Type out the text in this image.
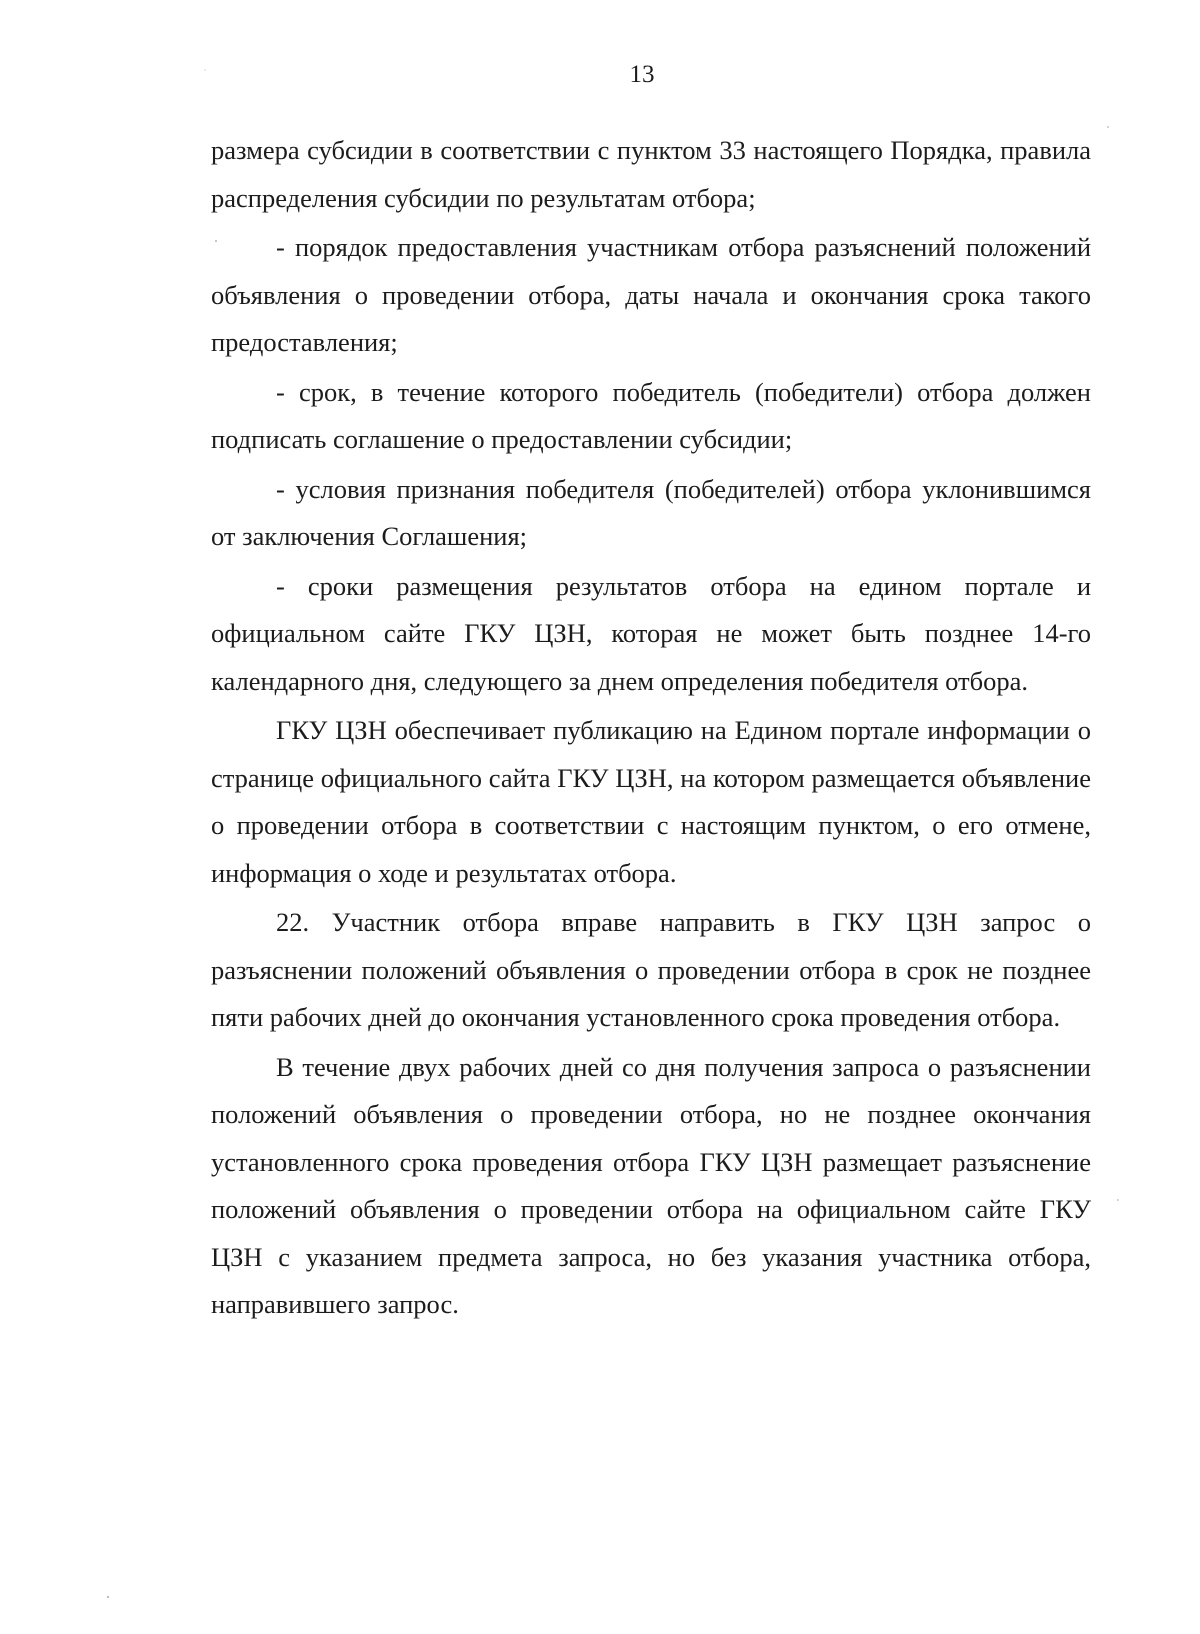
13

размера субсидии в соответствии с пунктом 33 настоящего Порядка, правила распределения субсидии по результатам отбора;

- порядок предоставления участникам отбора разъяснений положений объявления о проведении отбора, даты начала и окончания срока такого предоставления;

- срок, в течение которого победитель (победители) отбора должен подписать соглашение о предоставлении субсидии;

- условия признания победителя (победителей) отбора уклонившимся от заключения Соглашения;

- сроки размещения результатов отбора на едином портале и официальном сайте ГКУ ЦЗН, которая не может быть позднее 14-го календарного дня, следующего за днем определения победителя отбора.

ГКУ ЦЗН обеспечивает публикацию на Едином портале информации о странице официального сайта ГКУ ЦЗН, на котором размещается объявление о проведении отбора в соответствии с настоящим пунктом, о его отмене, информация о ходе и результатах отбора.

22. Участник отбора вправе направить в ГКУ ЦЗН запрос о разъяснении положений объявления о проведении отбора в срок не позднее пяти рабочих дней до окончания установленного срока проведения отбора.

В течение двух рабочих дней со дня получения запроса о разъяснении положений объявления о проведении отбора, но не позднее окончания установленного срока проведения отбора ГКУ ЦЗН размещает разъяснение положений объявления о проведении отбора на официальном сайте ГКУ ЦЗН с указанием предмета запроса, но без указания участника отбора, направившего запрос.
